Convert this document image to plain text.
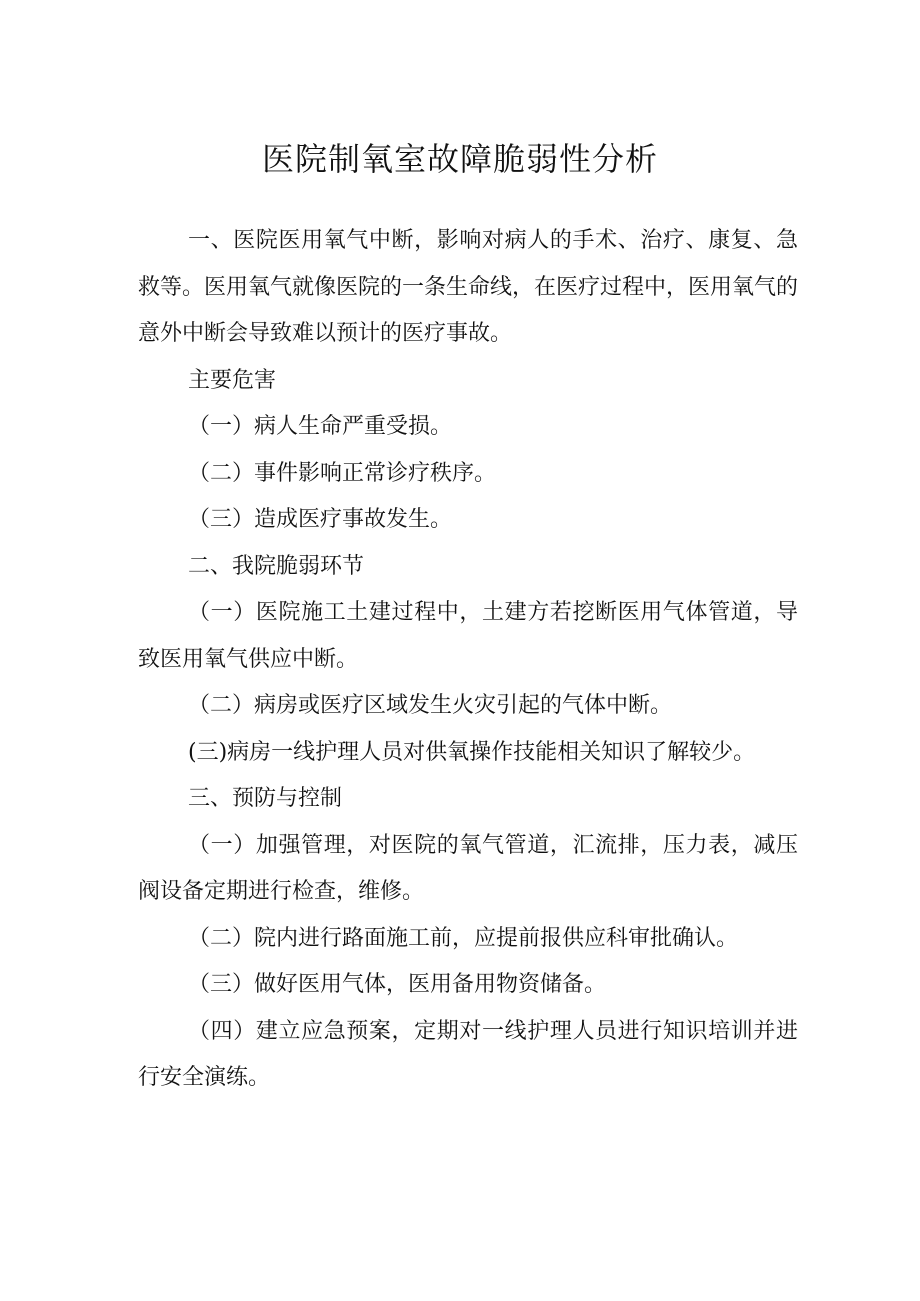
医院制氧室故障脆弱性分析

一、医院医用氧气中断，影响对病人的手术、治疗、康复、急救等。医用氧气就像医院的一条生命线，在医疗过程中，医用氧气的意外中断会导致难以预计的医疗事故。

主要危害

（一）病人生命严重受损。

（二）事件影响正常诊疗秩序。

（三）造成医疗事故发生。

二、我院脆弱环节

（一）医院施工土建过程中，土建方若挖断医用气体管道，导致医用氧气供应中断。

（二）病房或医疗区域发生火灾引起的气体中断。

(三)病房一线护理人员对供氧操作技能相关知识了解较少。

三、预防与控制

（一）加强管理，对医院的氧气管道，汇流排，压力表，减压阀设备定期进行检查，维修。

（二）院内进行路面施工前，应提前报供应科审批确认。

（三）做好医用气体，医用备用物资储备。

（四）建立应急预案，定期对一线护理人员进行知识培训并进行安全演练。
